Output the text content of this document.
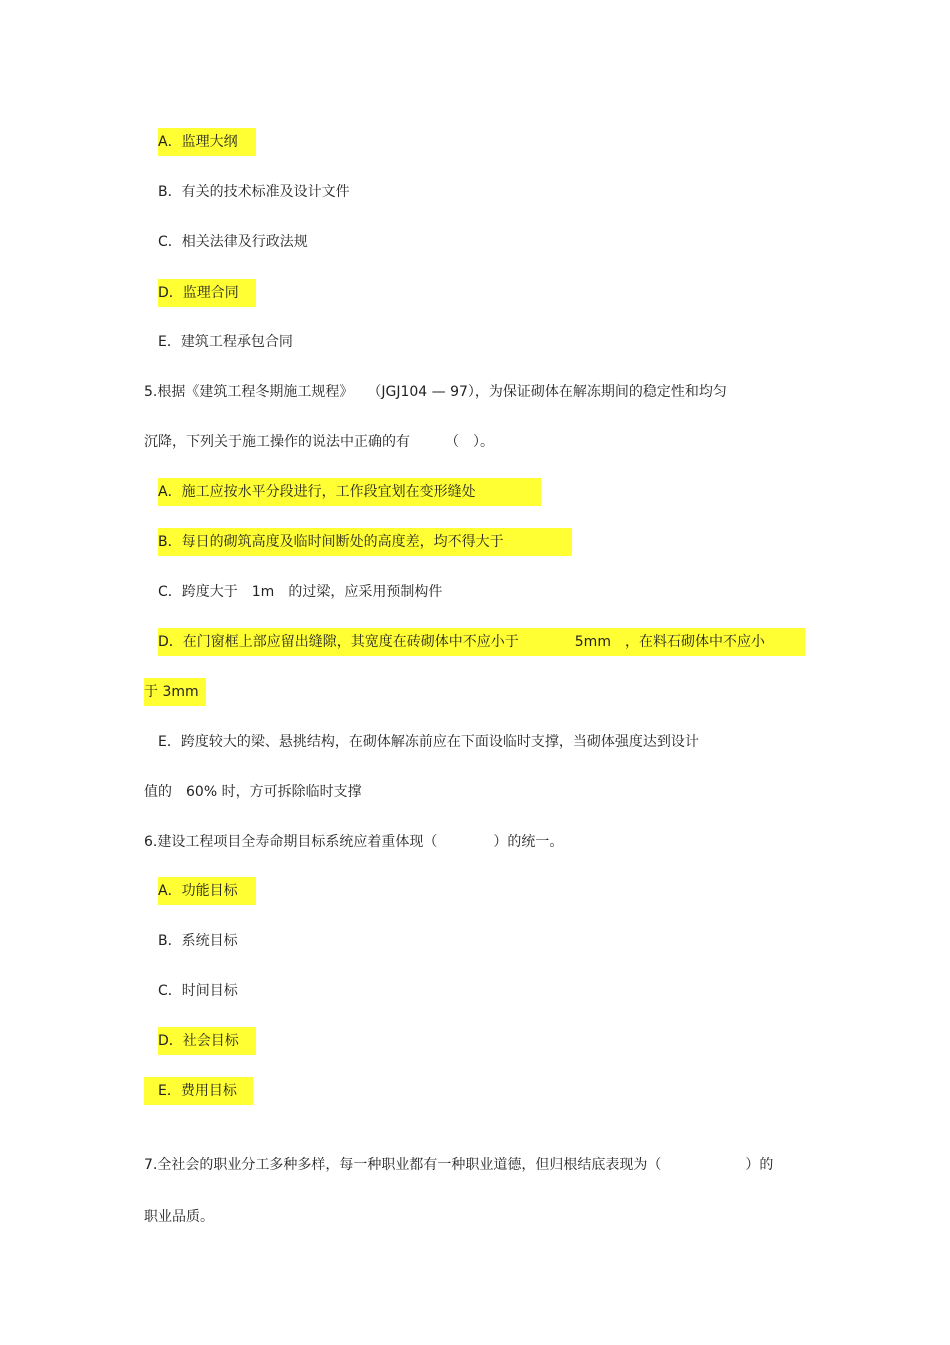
A．监理大纲
B．有关的技术标准及设计文件
C．相关法律及行政法规
D．监理合同
E．建筑工程承包合同
5.根据《建筑工程冬期施工规程》　　（JGJ104 — 97），为保证砌体在解冻期间的稳定性和均匀
沉降，下列关于施工操作的说法中正确的有　　　（　）。
A．施工应按水平分段进行，工作段宜划在变形缝处
B．每日的砌筑高度及临时间断处的高度差，均不得大于
C．跨度大于　1m　的过梁，应采用预制构件
D．在门窗框上部应留出缝隙，其宽度在砖砌体中不应小于　　　　5mm　，在料石砌体中不应小
于 3mm
E．跨度较大的梁、悬挑结构，在砌体解冻前应在下面设临时支撑，当砌体强度达到设计
值的　60% 时，方可拆除临时支撑
6.建设工程项目全寿命期目标系统应着重体现（　　　　）的统一。
A．功能目标
B．系统目标
C．时间目标
D．社会目标
E．费用目标
7.全社会的职业分工多种多样，每一种职业都有一种职业道德，但归根结底表现为（　　　　　　）的
职业品质。
